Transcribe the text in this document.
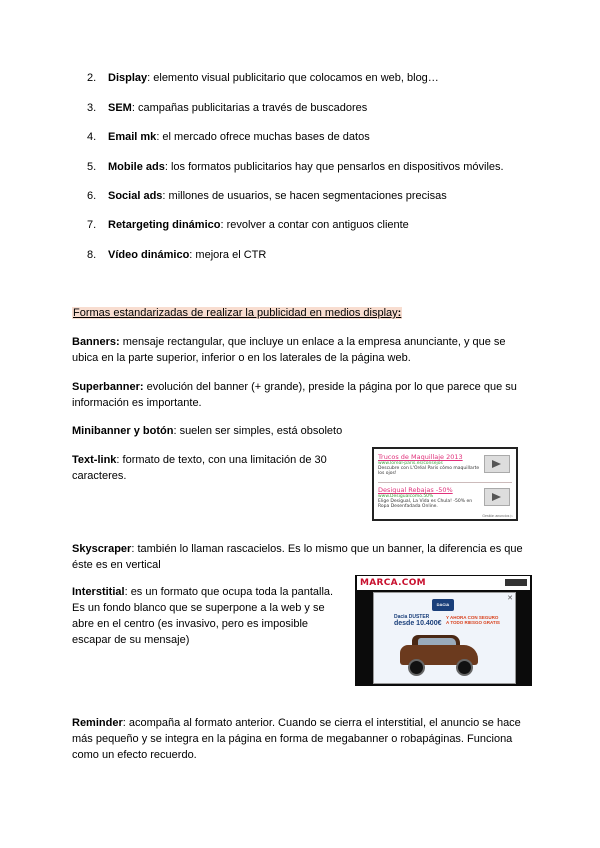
2. Display: elemento visual publicitario que colocamos en web, blog…
3. SEM: campañas publicitarias a través de buscadores
4. Email mk: el mercado ofrece muchas bases de datos
5. Mobile ads: los formatos publicitarios hay que pensarlos en dispositivos móviles.
6. Social ads: millones de usuarios, se hacen segmentaciones precisas
7. Retargeting dinámico: revolver a contar con antiguos cliente
8. Vídeo dinámico: mejora el CTR
Formas estandarizadas de realizar la publicidad en medios display:
Banners: mensaje rectangular, que incluye un enlace a la empresa anunciante, y que se ubica en la parte superior, inferior o en los laterales de la página web.
Superbanner: evolución del banner (+ grande), preside la página por lo que parece que su información es importante.
Minibanner y botón: suelen ser simples, está obsoleto
Text-link: formato de texto, con una limitación de 30 caracteres.
Trucos de Maquillaje 2013
www.loreal-paris.es/consejos
Descubre con L'Oréal Paris cómo maquillarte los ojos!
Desigual Rebajas -50%
www.Desigualcomo.50%
Elige Desigual, La Vida es Chula! -50% en Ropa Desenfadada Online.
Gestión anuncios ▷
Skyscraper: también lo llaman rascacielos. Es lo mismo que un banner, la diferencia es que éste es en vertical
Interstitial: es un formato que ocupa toda la pantalla. Es un fondo blanco que se superpone a la web y se abre en el centro (es invasivo, pero es imposible escapar de su mensaje)
MARCA.COM
✕
DACIA
Dacia DUSTER
desde 10.400€
Y AHORA CON SEGURO
A TODO RIESGO GRATIS
Reminder: acompaña al formato anterior. Cuando se cierra el interstitial, el anuncio se hace más pequeño y se integra en la página en forma de megabanner o robapáginas. Funciona como un efecto recuerdo.
